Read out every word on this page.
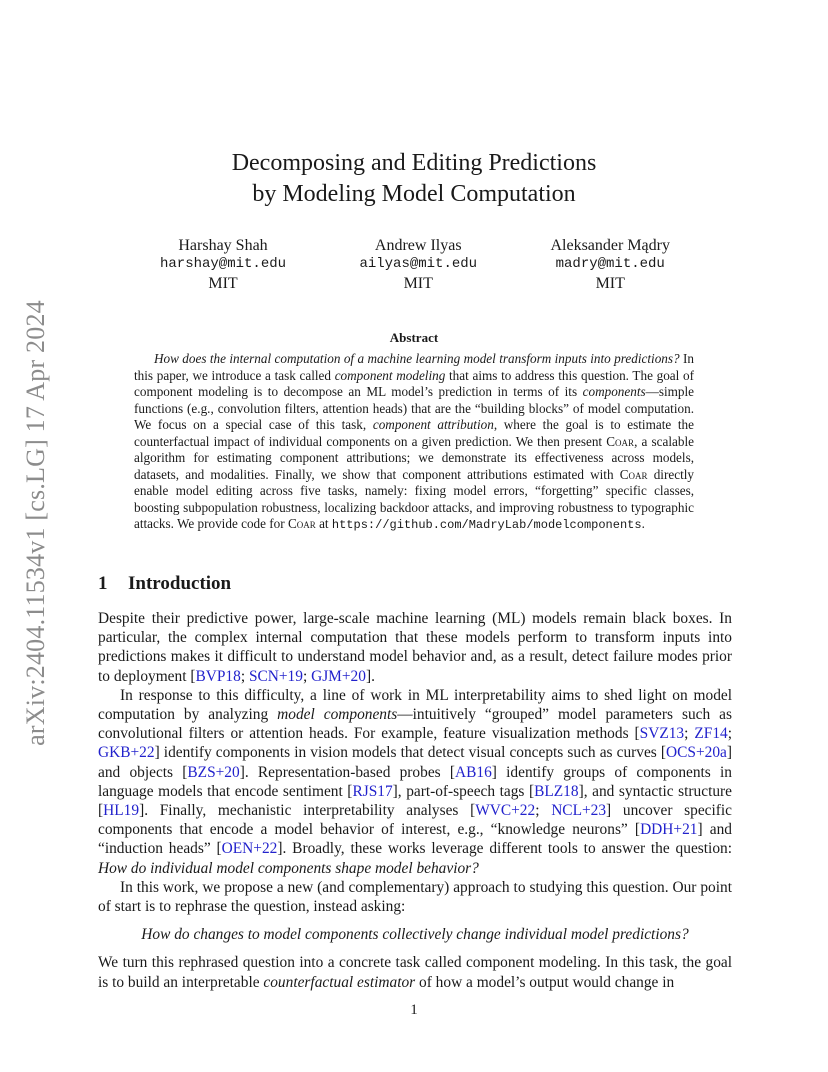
arXiv:2404.11534v1 [cs.LG] 17 Apr 2024
Decomposing and Editing Predictions
by Modeling Model Computation
Harshay Shah
harshay@mit.edu
MIT
Andrew Ilyas
ailyas@mit.edu
MIT
Aleksander Mądry
madry@mit.edu
MIT
Abstract
How does the internal computation of a machine learning model transform inputs into predictions? In this paper, we introduce a task called component modeling that aims to address this question. The goal of component modeling is to decompose an ML model’s prediction in terms of its components—simple functions (e.g., convolution filters, attention heads) that are the “building blocks” of model computation. We focus on a special case of this task, component attribution, where the goal is to estimate the counterfactual impact of individual components on a given prediction. We then present Coar, a scalable algorithm for estimating component attributions; we demonstrate its effectiveness across models, datasets, and modalities. Finally, we show that component attributions estimated with Coar directly enable model editing across five tasks, namely: fixing model errors, “forgetting” specific classes, boosting subpopulation robustness, localizing backdoor attacks, and improving robustness to typographic attacks. We provide code for Coar at https://github.com/MadryLab/modelcomponents.
1 Introduction

Despite their predictive power, large-scale machine learning (ML) models remain black boxes. In particular, the complex internal computation that these models perform to transform inputs into predictions makes it difficult to understand model behavior and, as a result, detect failure modes prior to deployment [BVP18; SCN+19; GJM+20].

In response to this difficulty, a line of work in ML interpretability aims to shed light on model computation by analyzing model components—intuitively “grouped” model parameters such as convolutional filters or attention heads. For example, feature visualization methods [SVZ13; ZF14; GKB+22] identify components in vision models that detect visual concepts such as curves [OCS+20a] and objects [BZS+20]. Representation-based probes [AB16] identify groups of components in language models that encode sentiment [RJS17], part-of-speech tags [BLZ18], and syntactic structure [HL19]. Finally, mechanistic interpretability analyses [WVC+22; NCL+23] uncover specific components that encode a model behavior of interest, e.g., “knowledge neurons” [DDH+21] and “induction heads” [OEN+22]. Broadly, these works leverage different tools to answer the question: How do individual model components shape model behavior?

In this work, we propose a new (and complementary) approach to studying this question. Our point of start is to rephrase the question, instead asking:

How do changes to model components collectively change individual model predictions?

We turn this rephrased question into a concrete task called component modeling. In this task, the goal is to build an interpretable counterfactual estimator of how a model’s output would change in

1
